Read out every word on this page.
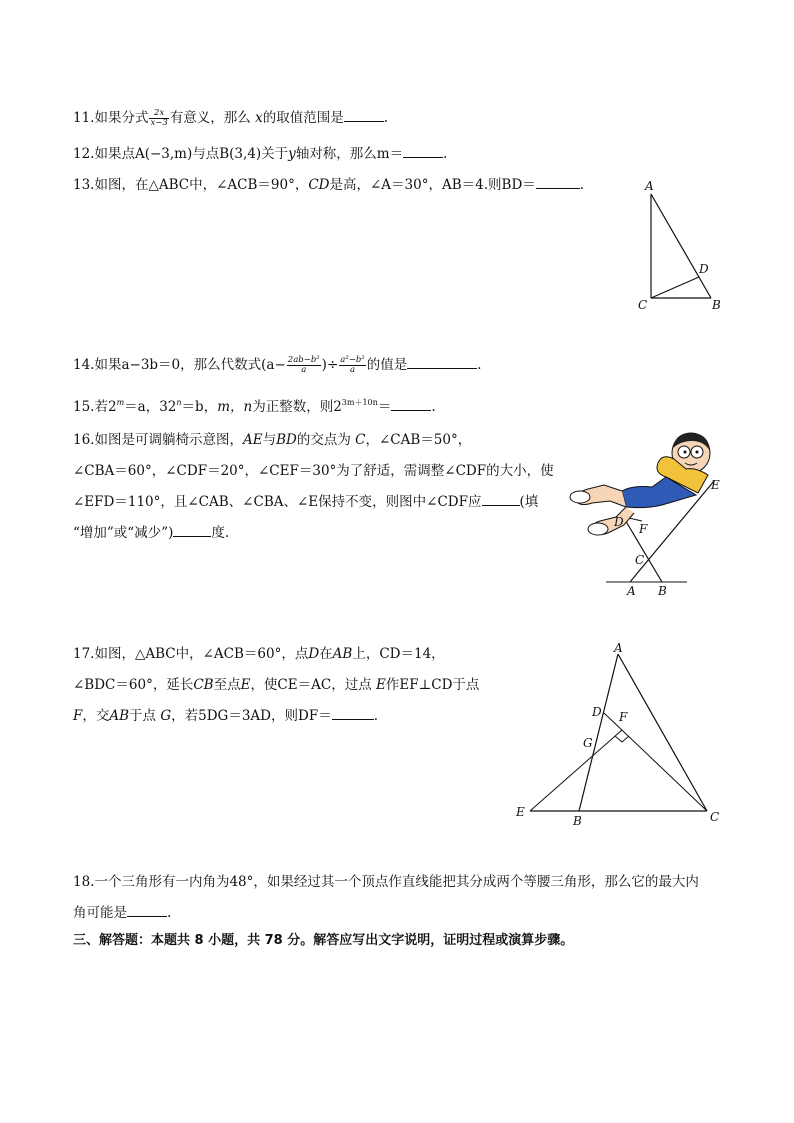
11.如果分式 $\frac{2x}{x-3}$ 有意义，那么 x的取值范围是	.
12.如果点A(−3,m)与点B(3,4)关于y轴对称，那么m＝	.
13.如图，在△ABC中，∠ACB＝90°，CD是高，∠A＝30°，AB＝4.则BD＝	.	A
C	B
D
14.如果a−3b＝0，那么代数式($a- \frac{\text{2ab−b²}}{a}$ )÷ $\frac{\text{a²−b²}}{a}$ 的值是	.
15.若$2^m=a$，$32^n=b$，m，n为正整数，则$2^{3m+10n}=$	.
16.如图是可调躺椅示意图，AE与BD的交点为 C，∠CAB＝50°，
∠CBA＝60°，∠CDF＝20°，∠CEF＝30°为了舒适，需调整∠CDF的大小，使
∠EFD＝110°，且∠CAB、∠CBA、∠E保持不变，则图中∠CDF应	(填
“增加”或“减少”)	度.
E
D F
C
A B
17.如图，△ABC中，∠ACB＝60°，点D在AB上，CD＝14，
∠BDC＝60°，延长CB至点E，使CE＝AC，过点 E作EF⊥CD于点
F，交AB于点 G，若5DG＝3AD，则DF＝	.
A
D F
G
E
B	C
18.一个三角形有一内角为48°，如果经过其一个顶点作直线能把其分成两个等腰三角形，那么它的最大内
角可能是	.
三、解答题：本题共 8 小题，共 78 分。解答应写出文字说明，证明过程或演算步骤。
